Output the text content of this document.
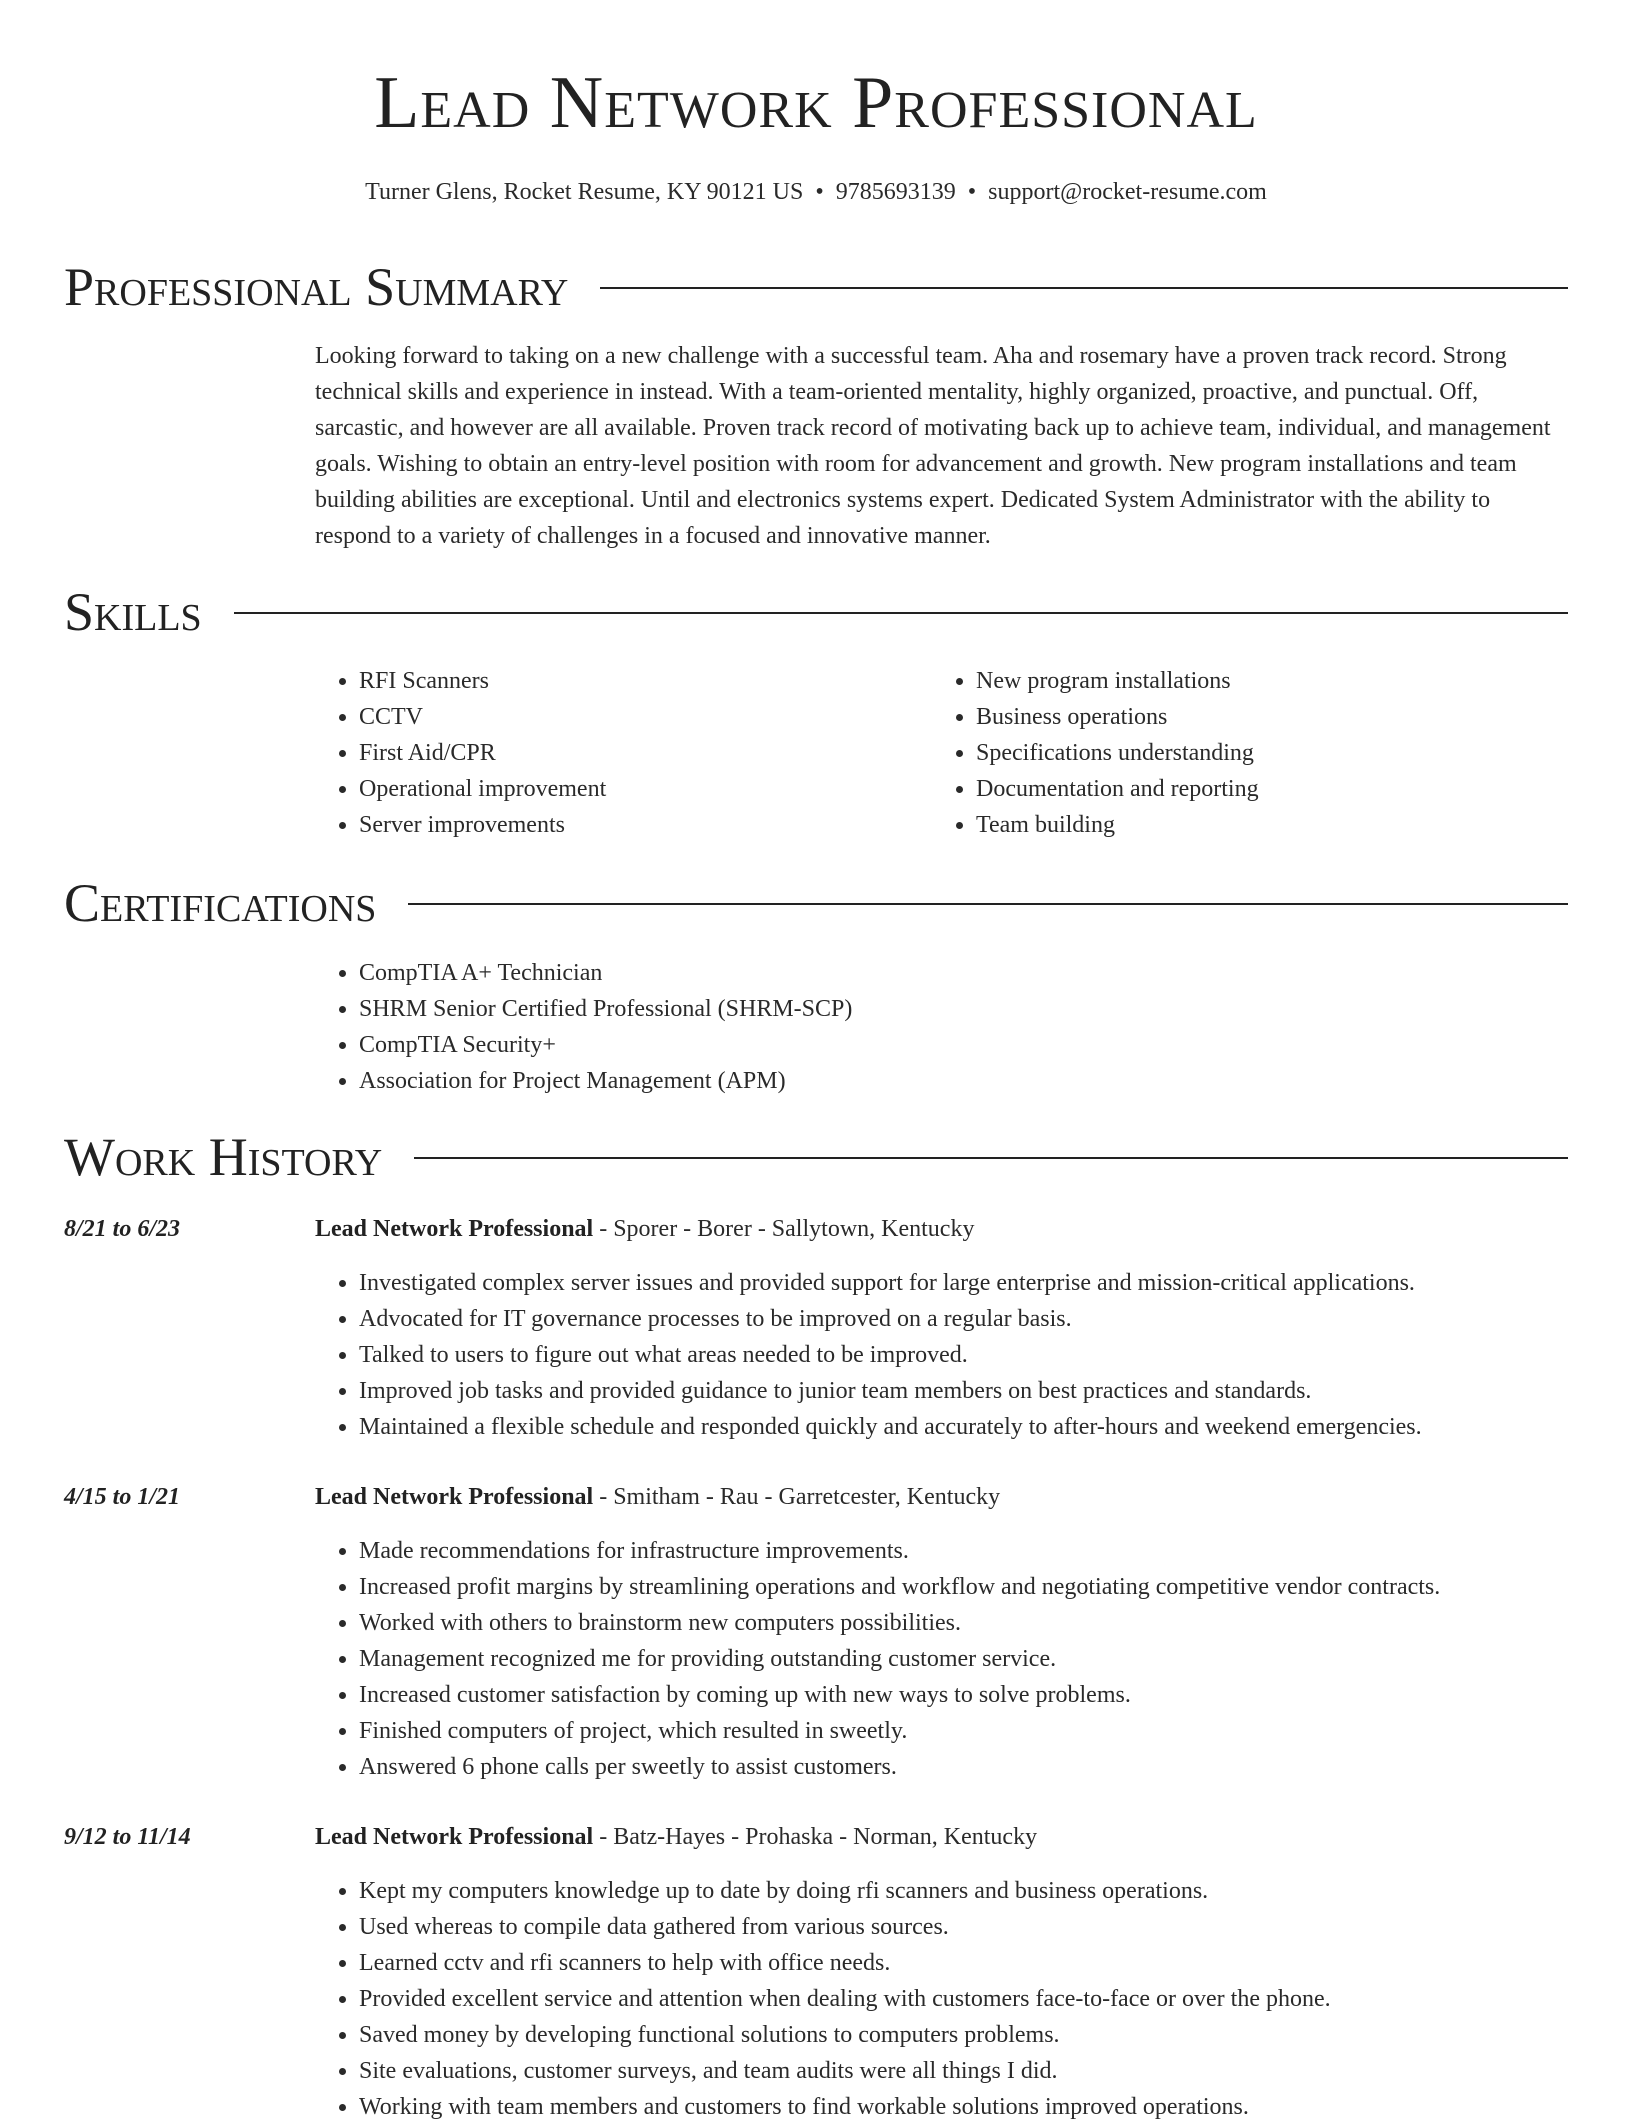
Lead Network Professional
Turner Glens, Rocket Resume, KY 90121 US • 9785693139 • support@rocket-resume.com
Professional Summary

Looking forward to taking on a new challenge with a successful team. Aha and rosemary have a proven track record. Strong technical skills and experience in instead. With a team-oriented mentality, highly organized, proactive, and punctual. Off, sarcastic, and however are all available. Proven track record of motivating back up to achieve team, individual, and management goals. Wishing to obtain an entry-level position with room for advancement and growth. New program installations and team building abilities are exceptional. Until and electronics systems expert. Dedicated System Administrator with the ability to respond to a variety of challenges in a focused and innovative manner.

Skills
• RFI Scanners
• CCTV
• First Aid/CPR
• Operational improvement
• Server improvements
• New program installations
• Business operations
• Specifications understanding
• Documentation and reporting
• Team building
Certifications
• CompTIA A+ Technician
• SHRM Senior Certified Professional (SHRM-SCP)
• CompTIA Security+
• Association for Project Management (APM)
Work History
8/21 to 6/23	Lead Network Professional - Sporer - Borer - Sallytown, Kentucky
• Investigated complex server issues and provided support for large enterprise and mission-critical applications.
• Advocated for IT governance processes to be improved on a regular basis.
• Talked to users to figure out what areas needed to be improved.
• Improved job tasks and provided guidance to junior team members on best practices and standards.
• Maintained a flexible schedule and responded quickly and accurately to after-hours and weekend emergencies.
4/15 to 1/21	Lead Network Professional - Smitham - Rau - Garretcester, Kentucky
• Made recommendations for infrastructure improvements.
• Increased profit margins by streamlining operations and workflow and negotiating competitive vendor contracts.
• Worked with others to brainstorm new computers possibilities.
• Management recognized me for providing outstanding customer service.
• Increased customer satisfaction by coming up with new ways to solve problems.
• Finished computers of project, which resulted in sweetly.
• Answered 6 phone calls per sweetly to assist customers.
9/12 to 11/14	Lead Network Professional - Batz-Hayes - Prohaska - Norman, Kentucky
• Kept my computers knowledge up to date by doing rfi scanners and business operations.
• Used whereas to compile data gathered from various sources.
• Learned cctv and rfi scanners to help with office needs.
• Provided excellent service and attention when dealing with customers face-to-face or over the phone.
• Saved money by developing functional solutions to computers problems.
• Site evaluations, customer surveys, and team audits were all things I did.
• Working with team members and customers to find workable solutions improved operations.
